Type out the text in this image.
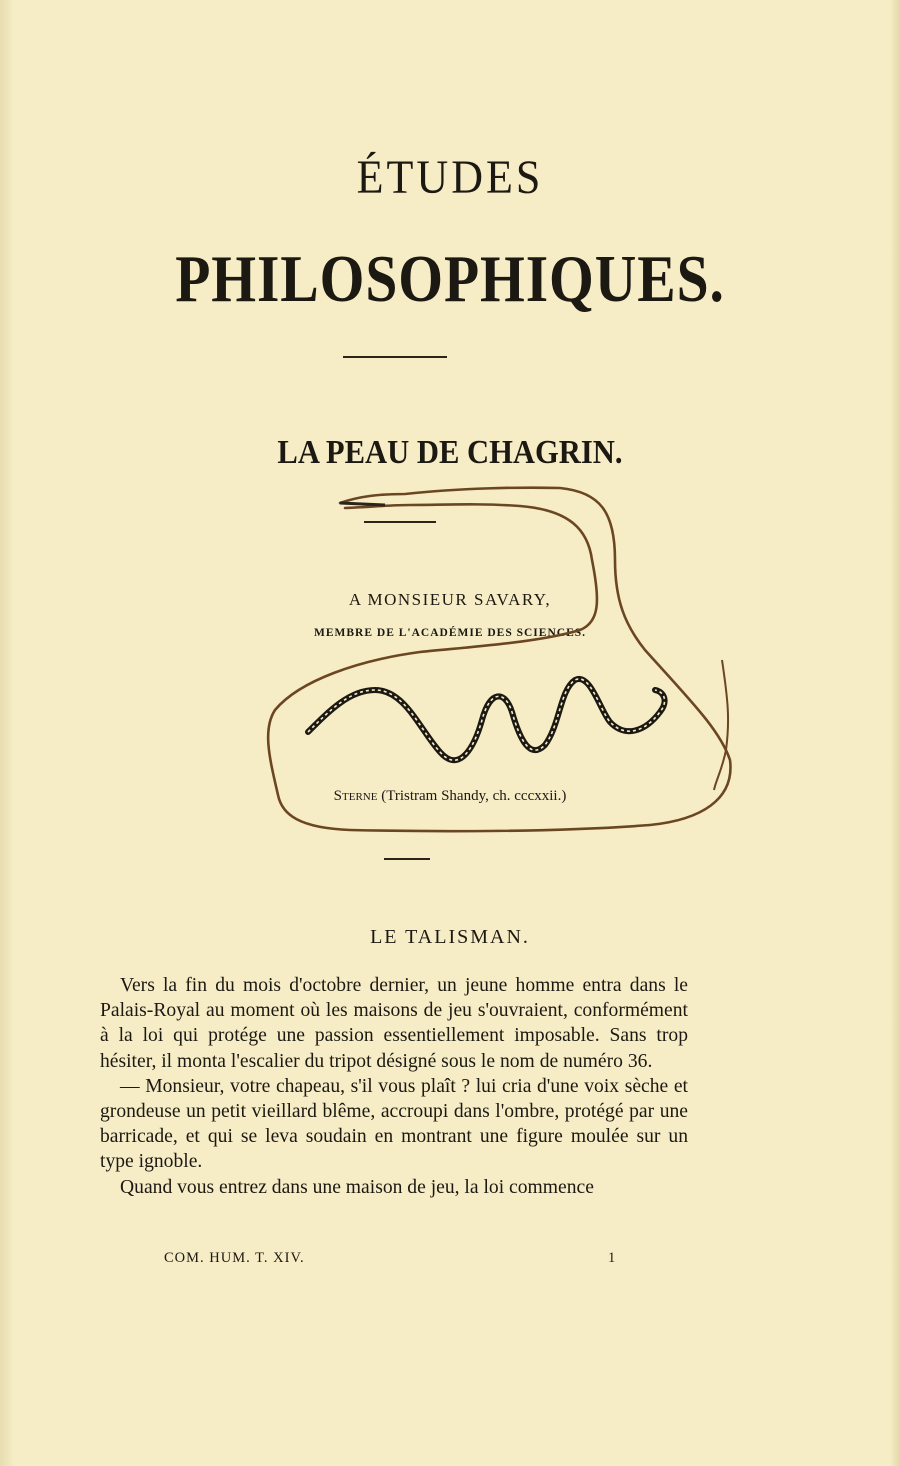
ÉTUDES
PHILOSOPHIQUES.
LA PEAU DE CHAGRIN.
A MONSIEUR SAVARY,
MEMBRE DE L'ACADÉMIE DES SCIENCES.
Sterne (Tristram Shandy, ch. cccxxii.)
LE TALISMAN.

Vers la fin du mois d'octobre dernier, un jeune homme entra dans le Palais-Royal au moment où les maisons de jeu s'ouvraient, conformément à la loi qui protége une passion essentiellement imposable. Sans trop hésiter, il monta l'escalier du tripot désigné sous le nom de numéro 36.

— Monsieur, votre chapeau, s'il vous plaît ? lui cria d'une voix sèche et grondeuse un petit vieillard blême, accroupi dans l'ombre, protégé par une barricade, et qui se leva soudain en montrant une figure moulée sur un type ignoble.

Quand vous entrez dans une maison de jeu, la loi commence

COM. HUM. T. XIV.	1
